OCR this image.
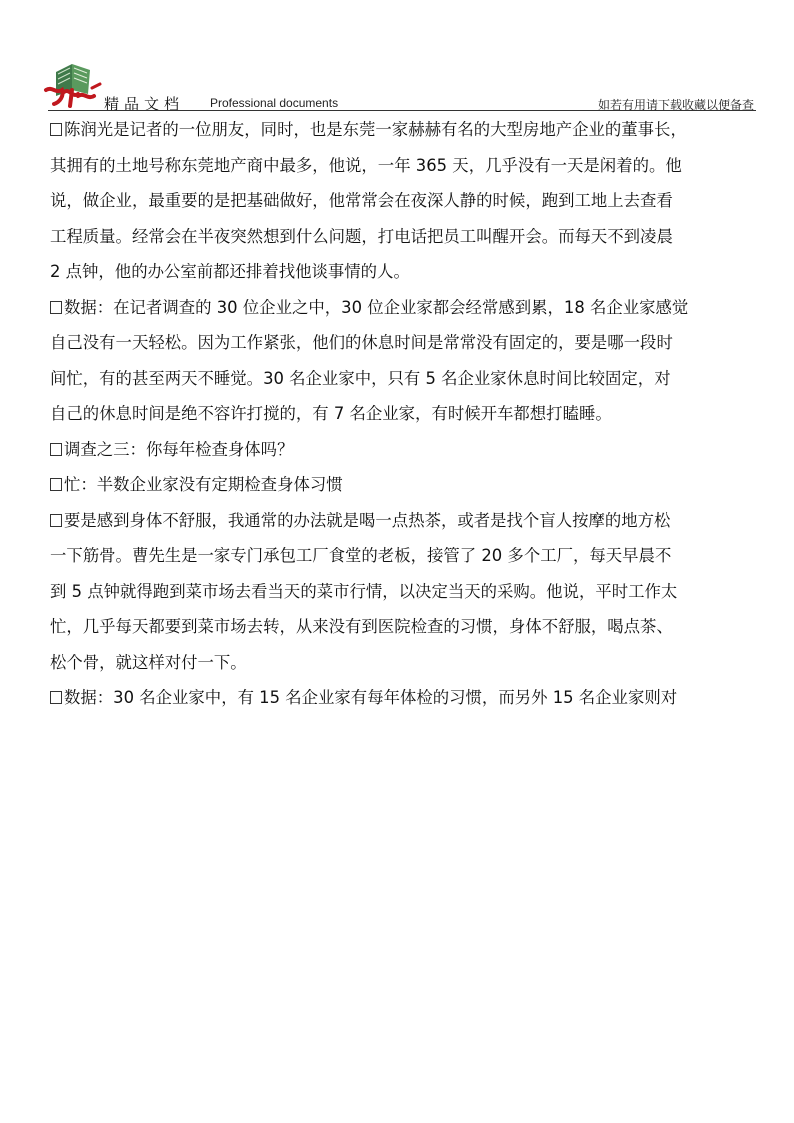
精品文档 Professional documents	如若有用请下载收藏以便备查

陈润光是记者的一位朋友，同时，也是东莞一家赫赫有名的大型房地产企业的董事长，

其拥有的土地号称东莞地产商中最多，他说，一年 365 天，几乎没有一天是闲着的。他

说，做企业，最重要的是把基础做好，他常常会在夜深人静的时候，跑到工地上去查看

工程质量。经常会在半夜突然想到什么问题，打电话把员工叫醒开会。而每天不到凌晨

2 点钟，他的办公室前都还排着找他谈事情的人。

数据：在记者调查的 30 位企业之中，30 位企业家都会经常感到累，18 名企业家感觉

自己没有一天轻松。因为工作紧张，他们的休息时间是常常没有固定的，要是哪一段时

间忙，有的甚至两天不睡觉。30 名企业家中，只有 5 名企业家休息时间比较固定，对

自己的休息时间是绝不容许打搅的，有 7 名企业家，有时候开车都想打瞌睡。

调查之三：你每年检查身体吗？

忙：半数企业家没有定期检查身体习惯

要是感到身体不舒服，我通常的办法就是喝一点热茶，或者是找个盲人按摩的地方松

一下筋骨。曹先生是一家专门承包工厂食堂的老板，接管了 20 多个工厂，每天早晨不

到 5 点钟就得跑到菜市场去看当天的菜市行情，以决定当天的采购。他说，平时工作太

忙，几乎每天都要到菜市场去转，从来没有到医院检查的习惯，身体不舒服，喝点茶、

松个骨，就这样对付一下。

数据：30 名企业家中，有 15 名企业家有每年体检的习惯，而另外 15 名企业家则对
